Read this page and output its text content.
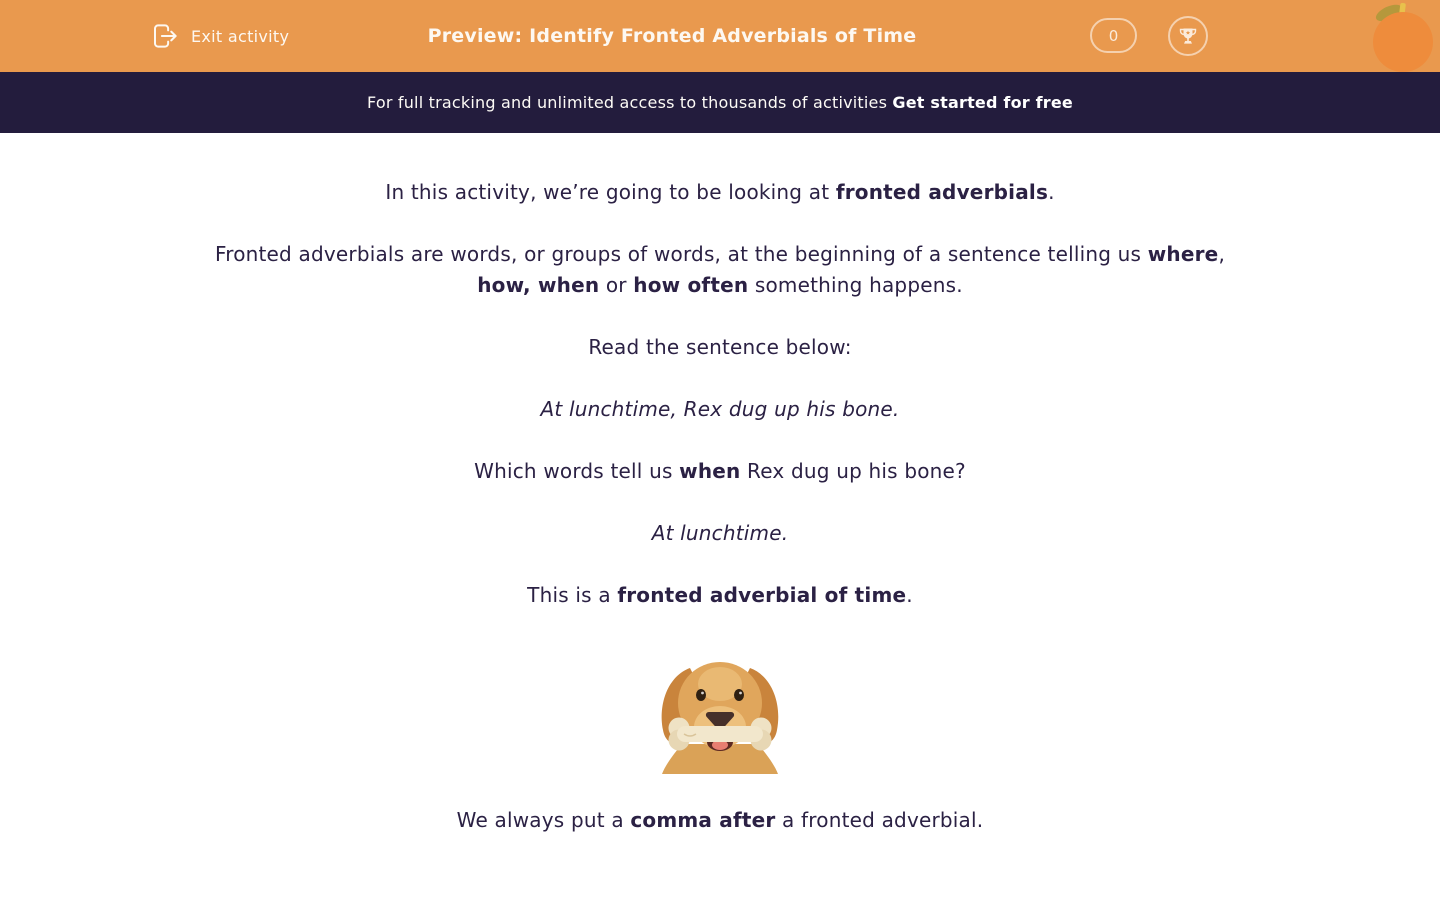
Exit activity	Preview: Identify Fronted Adverbials of Time	0
For full tracking and unlimited access to thousands of activities Get started for free

In this activity, we’re going to be looking at fronted adverbials.

Fronted adverbials are words, or groups of words, at the beginning of a sentence telling us where,
how, when or how often something happens.

Read the sentence below:

At lunchtime, Rex dug up his bone.

Which words tell us when Rex dug up his bone?

At lunchtime.

This is a fronted adverbial of time.

We always put a comma after a fronted adverbial.
